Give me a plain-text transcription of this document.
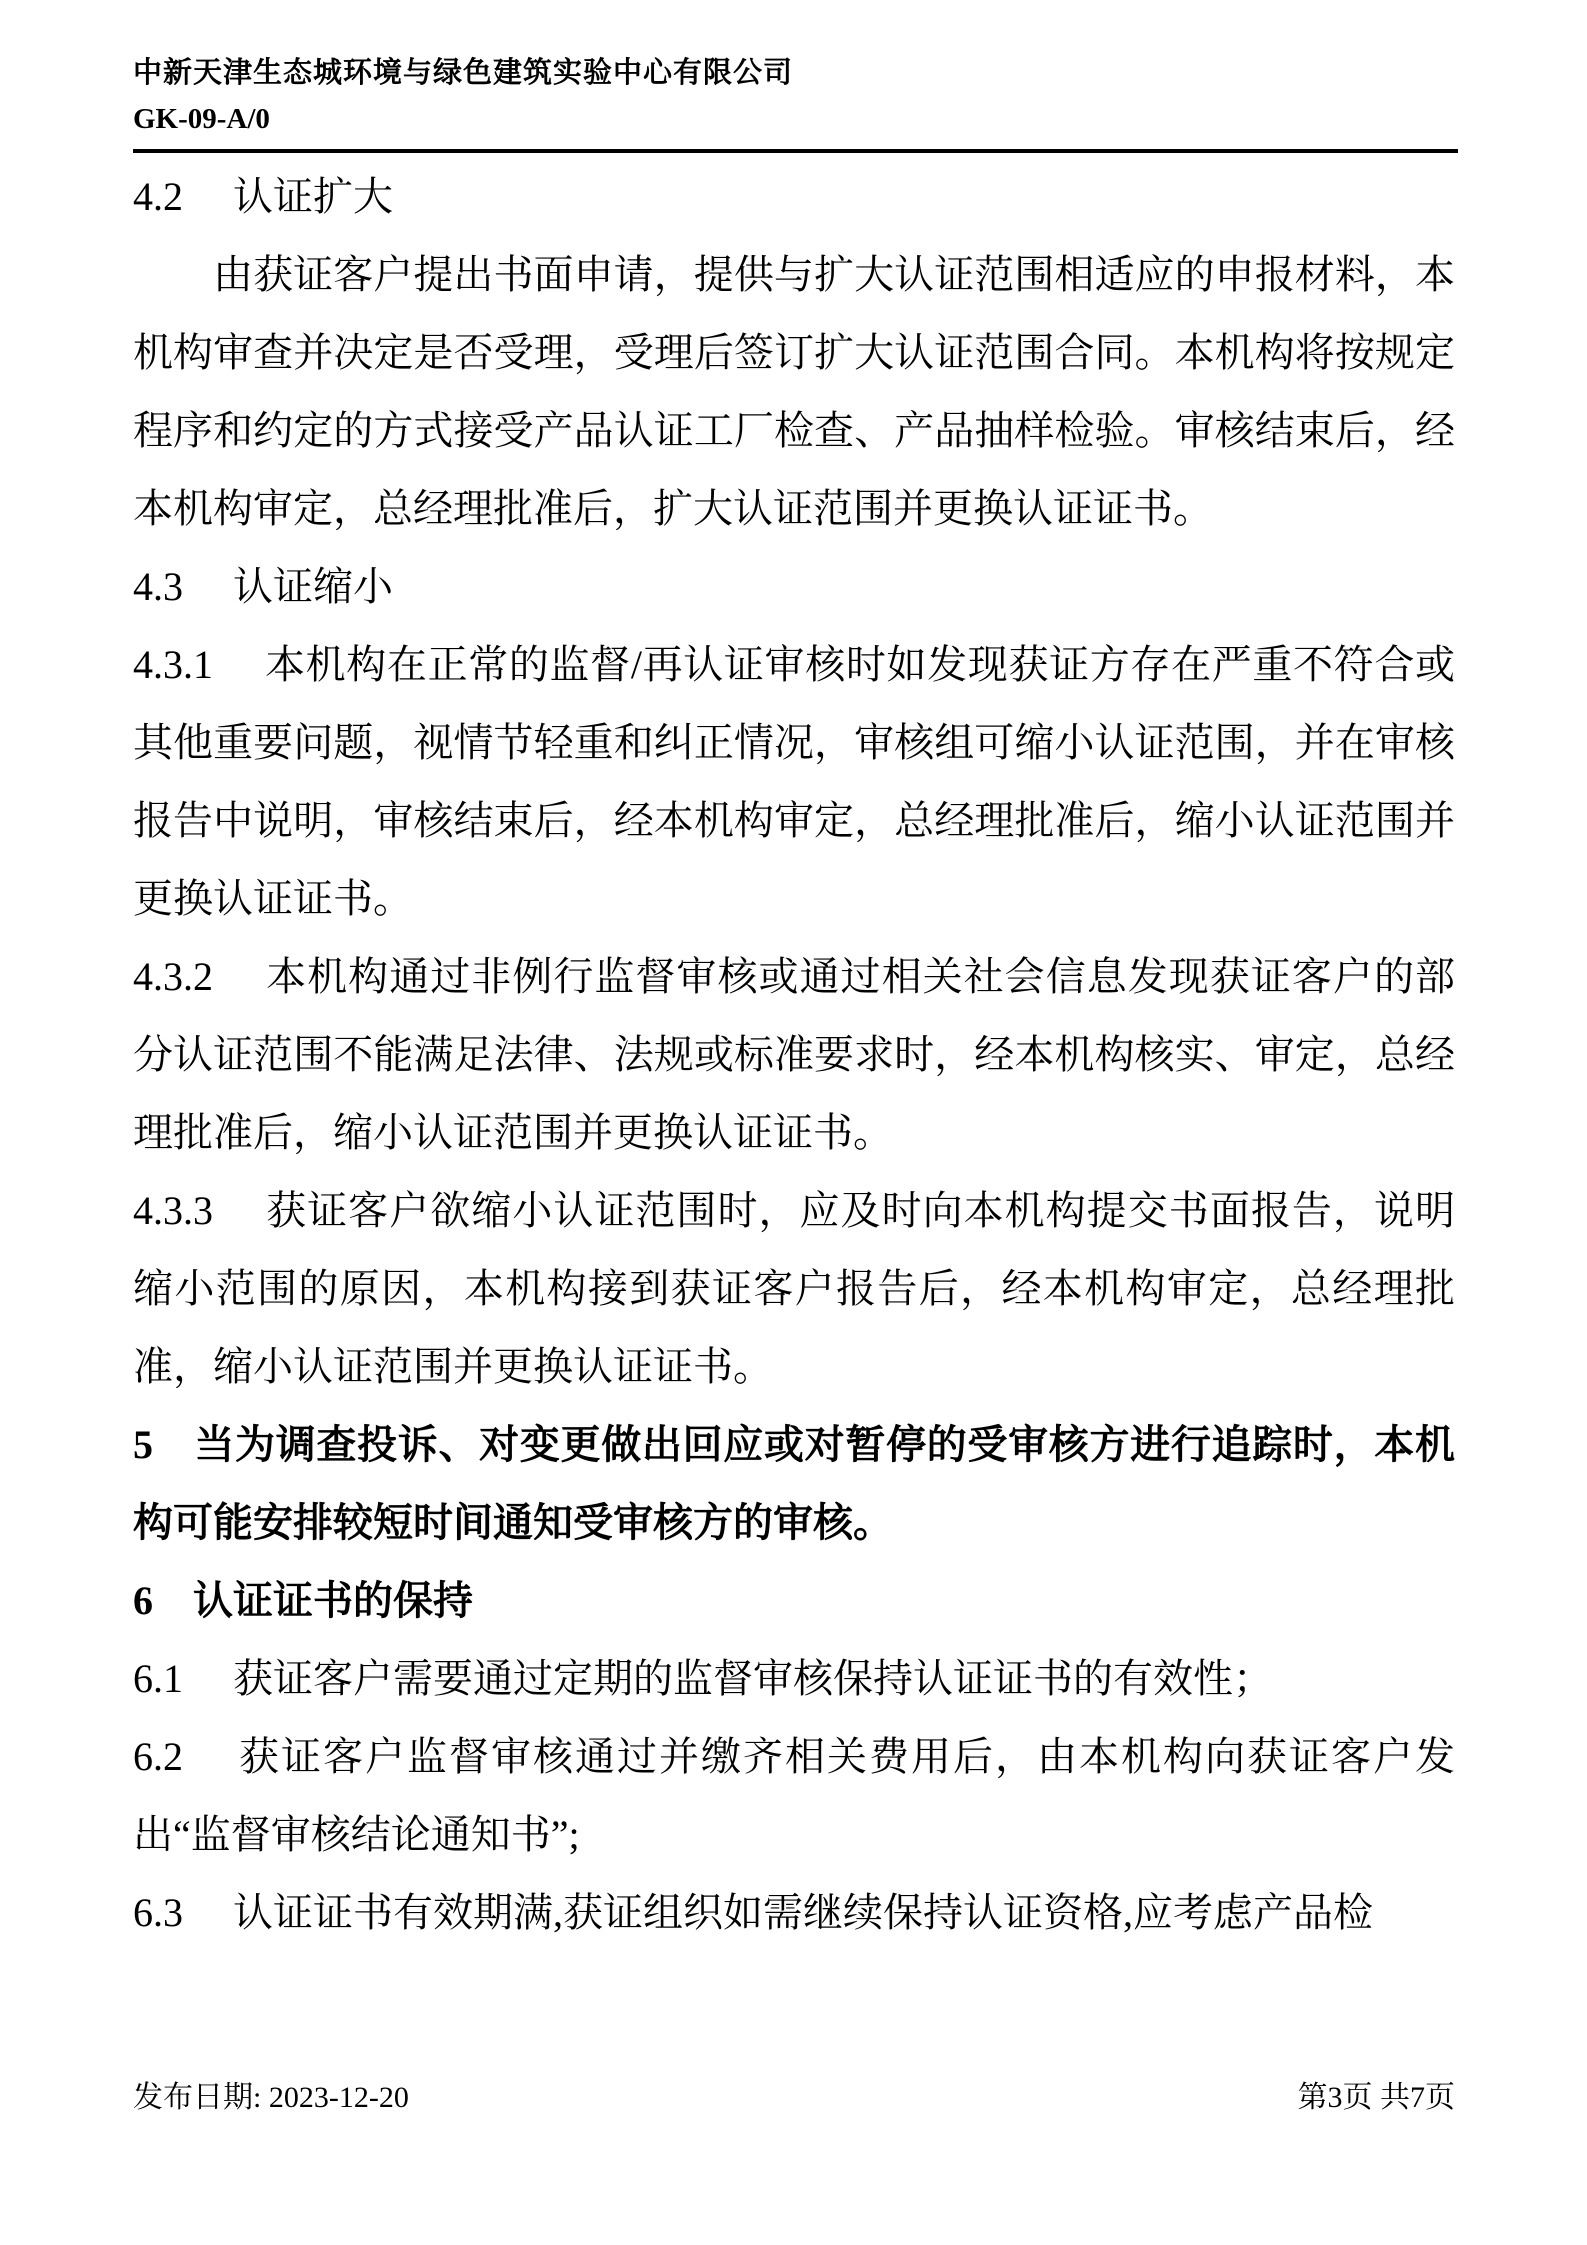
中新天津生态城环境与绿色建筑实验中心有限公司
GK-09-A/0

4.2　 认证扩大

由获证客户提出书面申请，提供与扩大认证范围相适应的申报材料，本机构审查并决定是否受理，受理后签订扩大认证范围合同。本机构将按规定程序和约定的方式接受产品认证工厂检查、产品抽样检验。审核结束后，经本机构审定，总经理批准后，扩大认证范围并更换认证证书。

4.3　 认证缩小

4.3.1　 本机构在正常的监督/再认证审核时如发现获证方存在严重不符合或其他重要问题，视情节轻重和纠正情况，审核组可缩小认证范围，并在审核报告中说明，审核结束后，经本机构审定，总经理批准后，缩小认证范围并更换认证证书。

4.3.2　 本机构通过非例行监督审核或通过相关社会信息发现获证客户的部分认证范围不能满足法律、法规或标准要求时，经本机构核实、审定，总经理批准后，缩小认证范围并更换认证证书。

4.3.3　 获证客户欲缩小认证范围时，应及时向本机构提交书面报告，说明缩小范围的原因，本机构接到获证客户报告后，经本机构审定，总经理批准，缩小认证范围并更换认证证书。

5　当为调查投诉、对变更做出回应或对暂停的受审核方进行追踪时，本机构可能安排较短时间通知受审核方的审核。

6　认证证书的保持

6.1　 获证客户需要通过定期的监督审核保持认证证书的有效性；

6.2　 获证客户监督审核通过并缴齐相关费用后，由本机构向获证客户发出“监督审核结论通知书”;

6.3　 认证证书有效期满,获证组织如需继续保持认证资格,应考虑产品检

发布日期: 2023-12-20	第3页 共7页
